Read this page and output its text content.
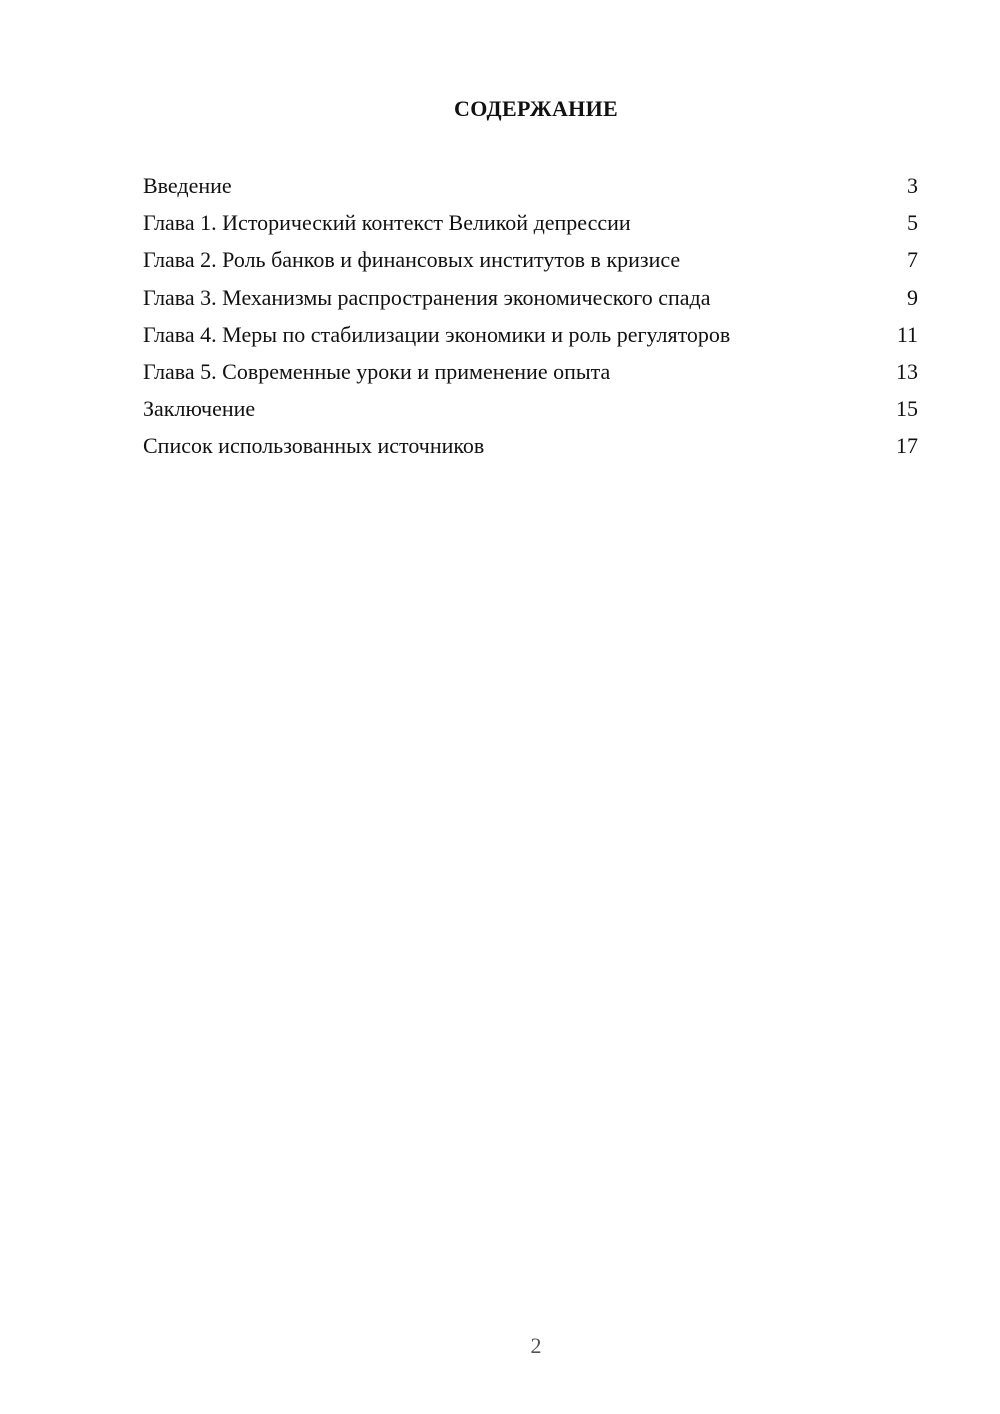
СОДЕРЖАНИЕ
Введение	3
Глава 1. Исторический контекст Великой депрессии	5
Глава 2. Роль банков и финансовых институтов в кризисе	7
Глава 3. Механизмы распространения экономического спада	9
Глава 4. Меры по стабилизации экономики и роль регуляторов	11
Глава 5. Современные уроки и применение опыта	13
Заключение	15
Список использованных источников	17
2
